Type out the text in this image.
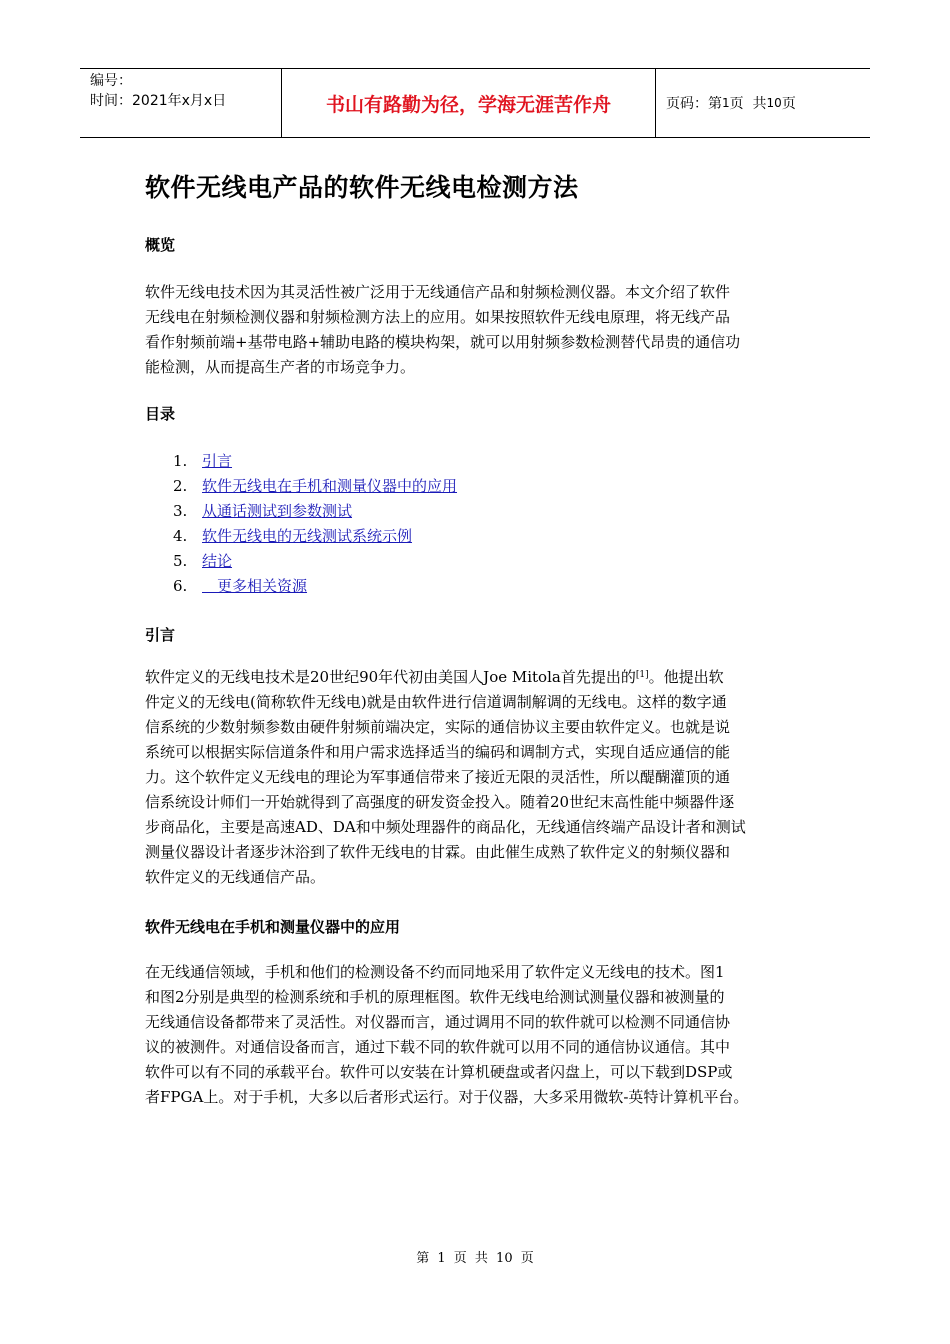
编号：
时间：2021年x月x日	书山有路勤为径，学海无涯苦作舟	页码：第 1 页  共 10 页
软件无线电产品的软件无线电检测方法
概览
软件无线电技术因为其灵活性被广泛用于无线通信产品和射频检测仪器。本文介绍了软件
无线电在射频检测仪器和射频检测方法上的应用。如果按照软件无线电原理，将无线产品
看作射频前端+基带电路+辅助电路的模块构架，就可以用射频参数检测替代昂贵的通信功
能检测，从而提高生产者的市场竞争力。
目录
1. 引言
2. 软件无线电在手机和测量仪器中的应用
3. 从通话测试到参数测试
4. 软件无线电的无线测试系统示例
5. 结论
6.　更多相关资源
引言
软件定义的无线电技术是20世纪90年代初由美国人Joe Mitola首先提出的[1]。他提出软
件定义的无线电(简称软件无线电)就是由软件进行信道调制解调的无线电。这样的数字通
信系统的少数射频参数由硬件射频前端决定，实际的通信协议主要由软件定义。也就是说
系统可以根据实际信道条件和用户需求选择适当的编码和调制方式，实现自适应通信的能
力。这个软件定义无线电的理论为军事通信带来了接近无限的灵活性，所以醍醐灌顶的通
信系统设计师们一开始就得到了高强度的研发资金投入。随着20世纪末高性能中频器件逐
步商品化，主要是高速AD、DA和中频处理器件的商品化，无线通信终端产品设计者和测试
测量仪器设计者逐步沐浴到了软件无线电的甘霖。由此催生成熟了软件定义的射频仪器和
软件定义的无线通信产品。
软件无线电在手机和测量仪器中的应用
在无线通信领域，手机和他们的检测设备不约而同地采用了软件定义无线电的技术。图1
和图2分别是典型的检测系统和手机的原理框图。软件无线电给测试测量仪器和被测量的
无线通信设备都带来了灵活性。对仪器而言，通过调用不同的软件就可以检测不同通信协
议的被测件。对通信设备而言，通过下载不同的软件就可以用不同的通信协议通信。其中
软件可以有不同的承载平台。软件可以安装在计算机硬盘或者闪盘上，可以下载到DSP或
者FPGA上。对于手机，大多以后者形式运行。对于仪器，大多采用微软-英特计算机平台。
第 1 页 共 10 页
